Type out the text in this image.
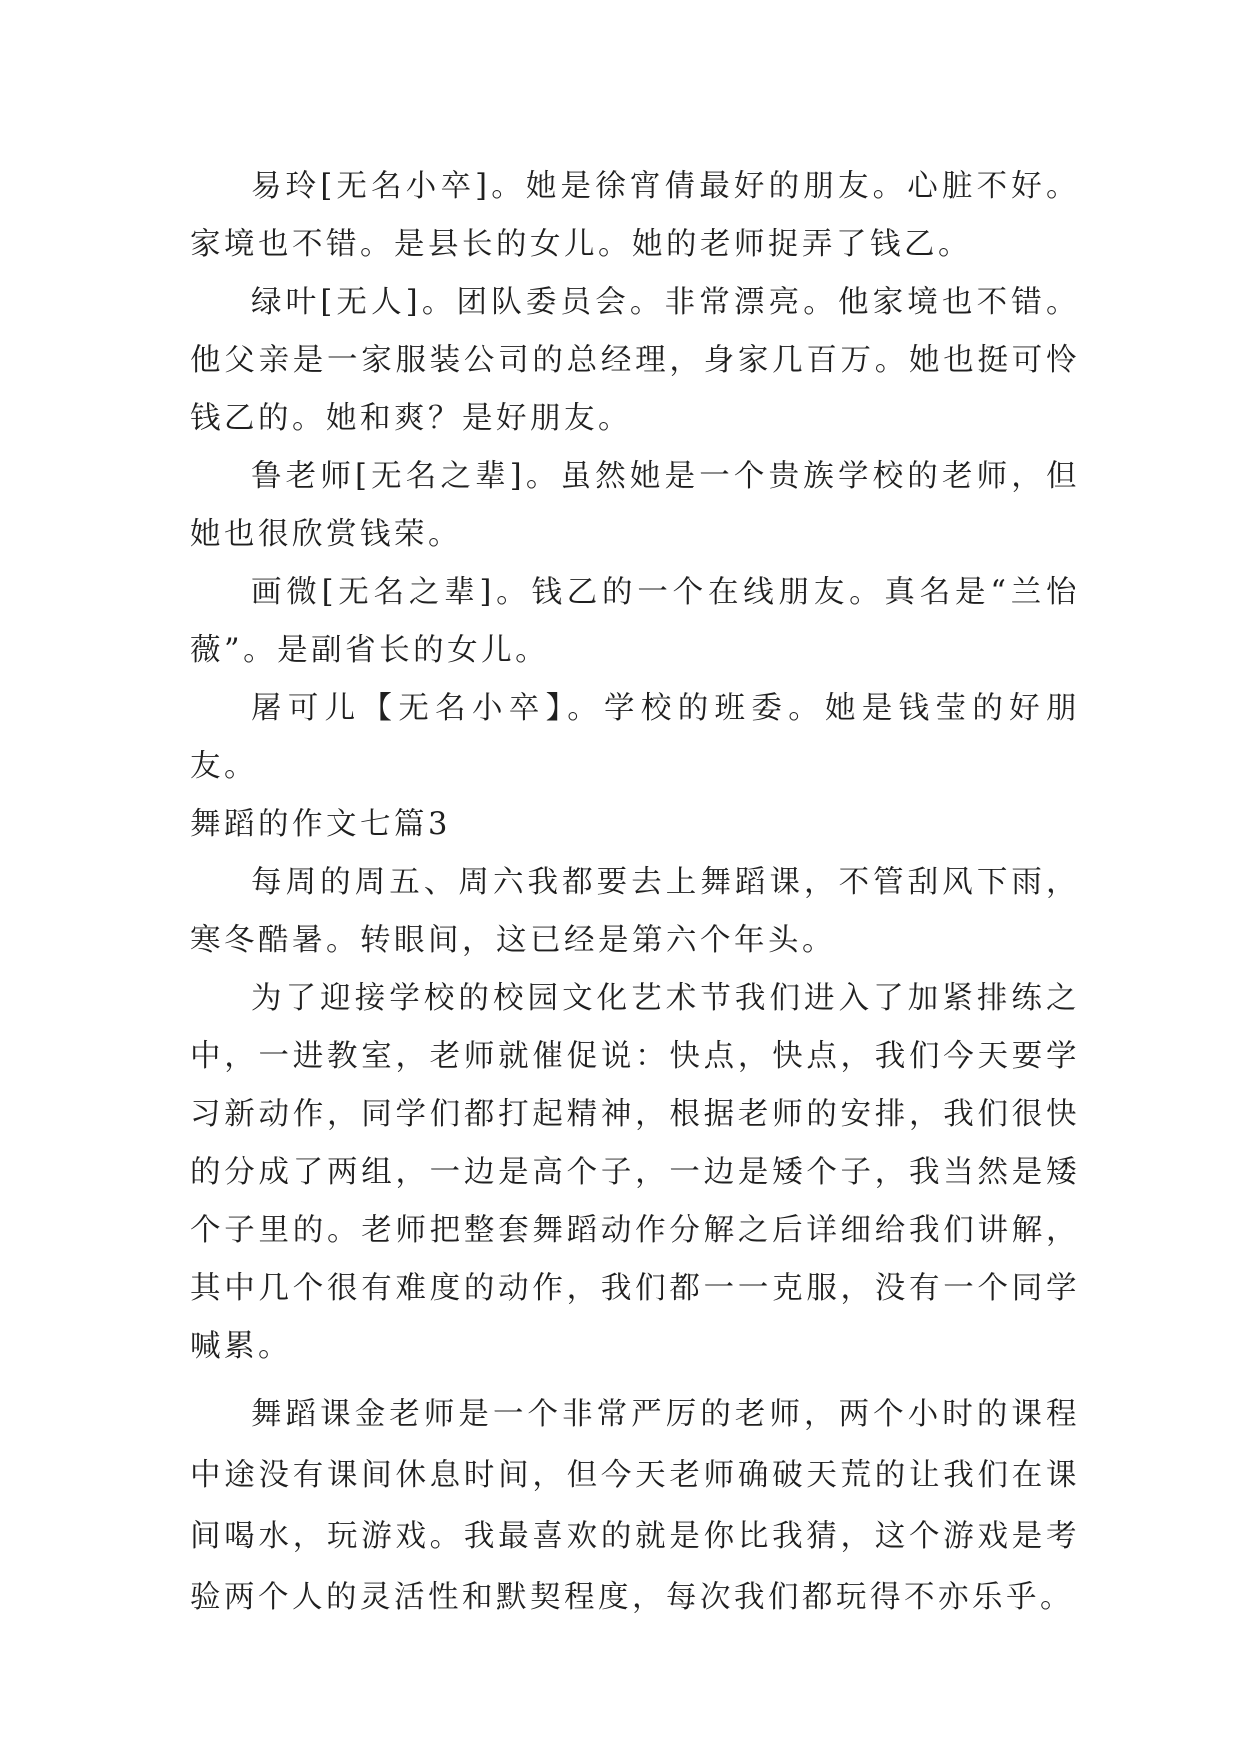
易玲[无名小卒]。她是徐宵倩最好的朋友。心脏不好。家境也不错。是县长的女儿。她的老师捉弄了钱乙。

绿叶[无人]。团队委员会。非常漂亮。他家境也不错。他父亲是一家服装公司的总经理，身家几百万。她也挺可怜钱乙的。她和爽？是好朋友。

鲁老师[无名之辈]。虽然她是一个贵族学校的老师，但她也很欣赏钱荣。

画微[无名之辈]。钱乙的一个在线朋友。真名是“兰怡薇”。是副省长的女儿。

屠可儿【无名小卒】。学校的班委。她是钱莹的好朋友。

舞蹈的作文七篇3

每周的周五、周六我都要去上舞蹈课，不管刮风下雨，寒冬酷暑。转眼间，这已经是第六个年头。

为了迎接学校的校园文化艺术节我们进入了加紧排练之中，一进教室，老师就催促说：快点，快点，我们今天要学习新动作，同学们都打起精神，根据老师的安排，我们很快的分成了两组，一边是高个子，一边是矮个子，我当然是矮个子里的。老师把整套舞蹈动作分解之后详细给我们讲解，其中几个很有难度的动作，我们都一一克服，没有一个同学喊累。

舞蹈课金老师是一个非常严厉的老师，两个小时的课程中途没有课间休息时间，但今天老师确破天荒的让我们在课间喝水，玩游戏。我最喜欢的就是你比我猜，这个游戏是考验两个人的灵活性和默契程度，每次我们都玩得不亦乐乎。
